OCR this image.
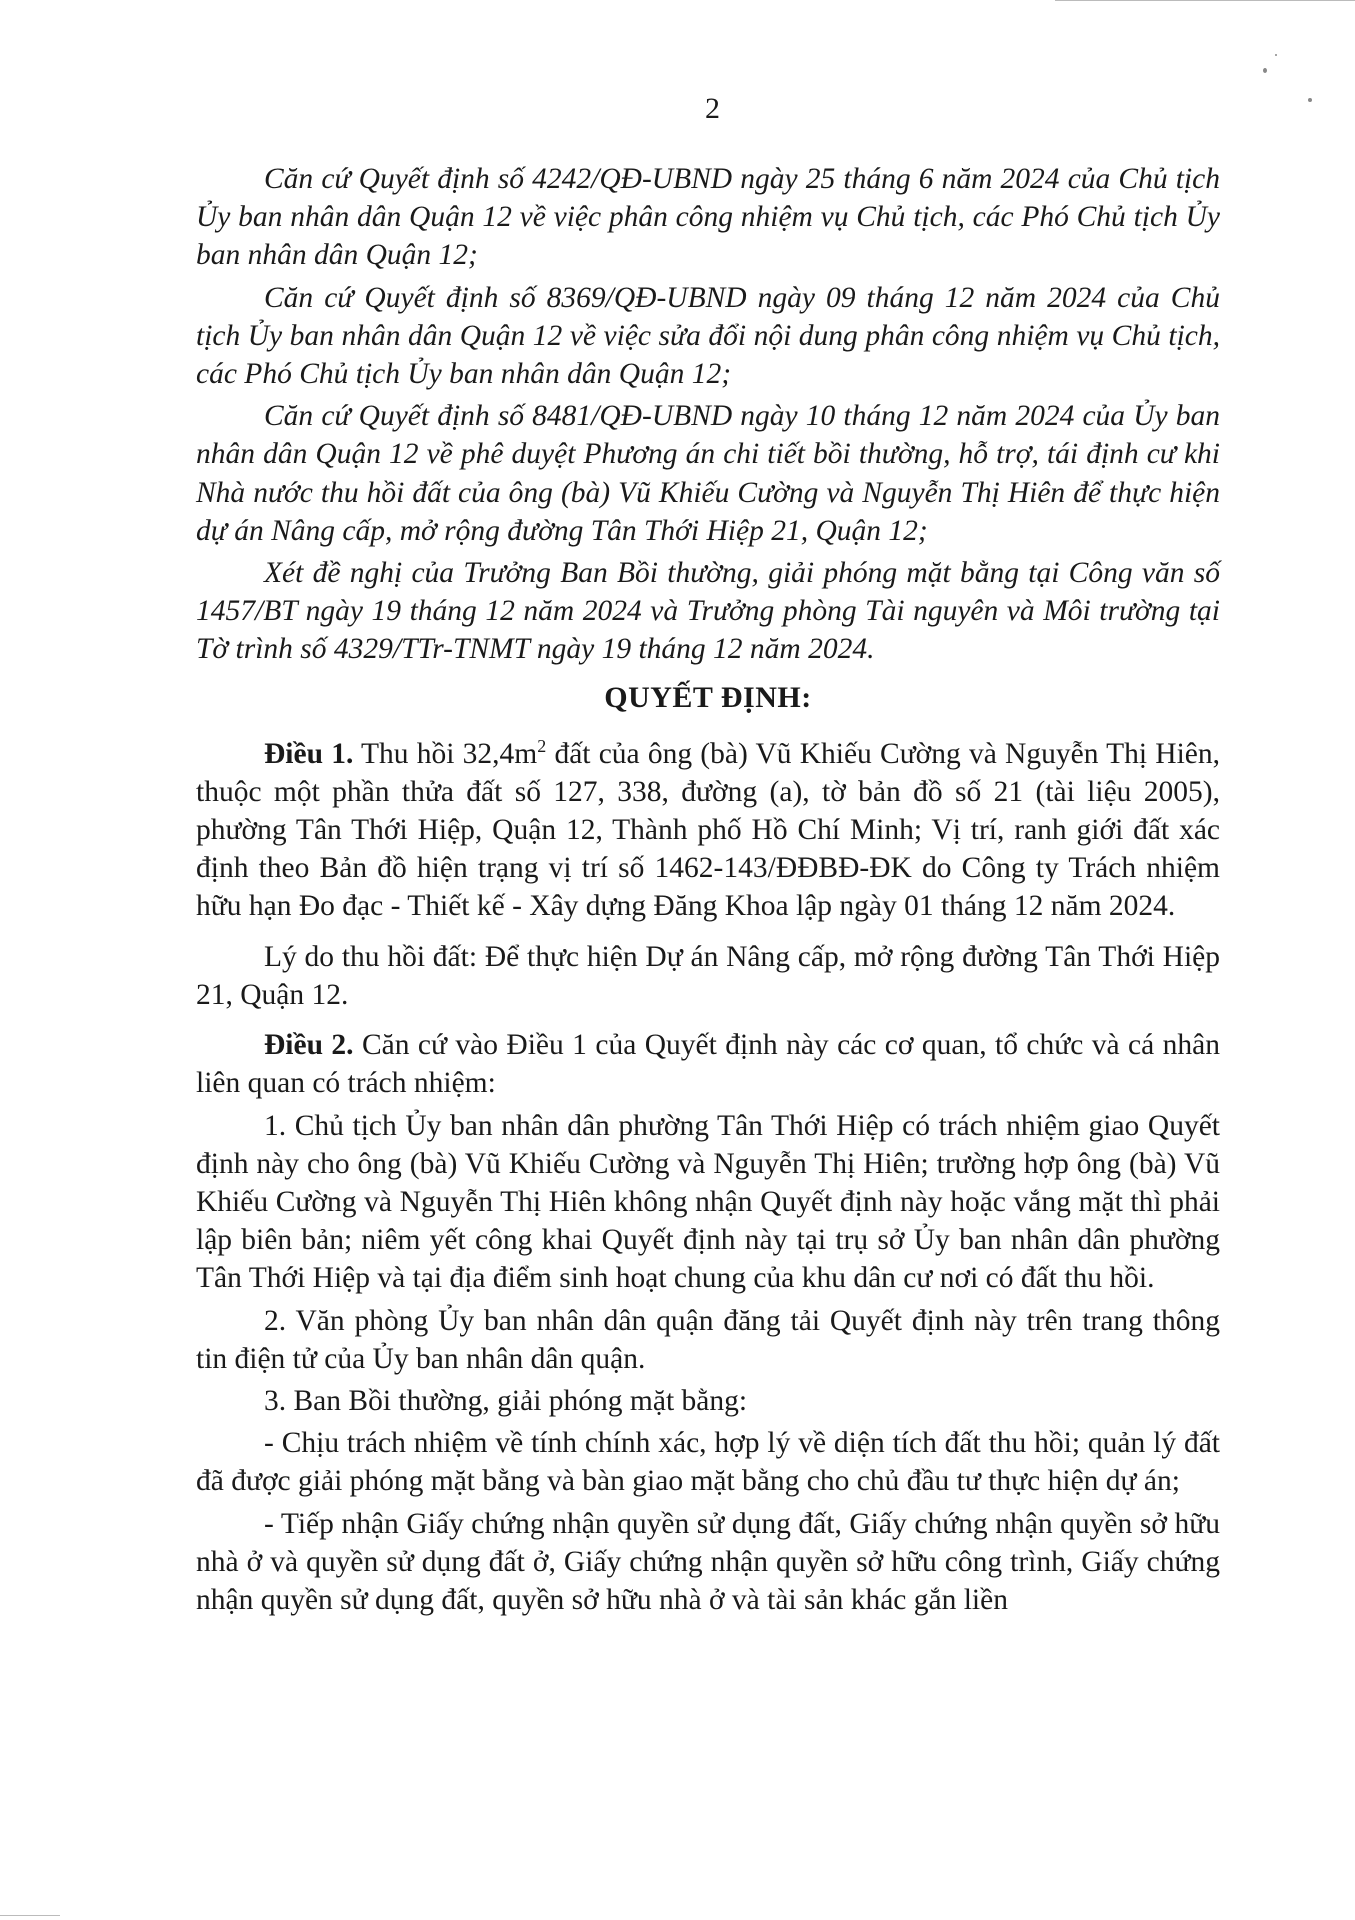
2

Căn cứ Quyết định số 4242/QĐ-UBND ngày 25 tháng 6 năm 2024 của Chủ tịch Ủy ban nhân dân Quận 12 về việc phân công nhiệm vụ Chủ tịch, các Phó Chủ tịch Ủy ban nhân dân Quận 12;

Căn cứ Quyết định số 8369/QĐ-UBND ngày 09 tháng 12 năm 2024 của Chủ tịch Ủy ban nhân dân Quận 12 về việc sửa đổi nội dung phân công nhiệm vụ Chủ tịch, các Phó Chủ tịch Ủy ban nhân dân Quận 12;

Căn cứ Quyết định số 8481/QĐ-UBND ngày 10 tháng 12 năm 2024 của Ủy ban nhân dân Quận 12 về phê duyệt Phương án chi tiết bồi thường, hỗ trợ, tái định cư khi Nhà nước thu hồi đất của ông (bà) Vũ Khiếu Cường và Nguyễn Thị Hiên để thực hiện dự án Nâng cấp, mở rộng đường Tân Thới Hiệp 21, Quận 12;

Xét đề nghị của Trưởng Ban Bồi thường, giải phóng mặt bằng tại Công văn số 1457/BT ngày 19 tháng 12 năm 2024 và Trưởng phòng Tài nguyên và Môi trường tại Tờ trình số 4329/TTr-TNMT ngày 19 tháng 12 năm 2024.

QUYẾT ĐỊNH:

Điều 1. Thu hồi $32,4m^2$ đất của ông (bà) Vũ Khiếu Cường và Nguyễn Thị Hiên, thuộc một phần thửa đất số 127, 338, đường (a), tờ bản đồ số 21 (tài liệu 2005), phường Tân Thới Hiệp, Quận 12, Thành phố Hồ Chí Minh; Vị trí, ranh giới đất xác định theo Bản đồ hiện trạng vị trí số 1462-143/ĐĐBĐ-ĐK do Công ty Trách nhiệm hữu hạn Đo đạc - Thiết kế - Xây dựng Đăng Khoa lập ngày 01 tháng 12 năm 2024.

Lý do thu hồi đất: Để thực hiện Dự án Nâng cấp, mở rộng đường Tân Thới Hiệp 21, Quận 12.

Điều 2. Căn cứ vào Điều 1 của Quyết định này các cơ quan, tổ chức và cá nhân liên quan có trách nhiệm:

1. Chủ tịch Ủy ban nhân dân phường Tân Thới Hiệp có trách nhiệm giao Quyết định này cho ông (bà) Vũ Khiếu Cường và Nguyễn Thị Hiên; trường hợp ông (bà) Vũ Khiếu Cường và Nguyễn Thị Hiên không nhận Quyết định này hoặc vắng mặt thì phải lập biên bản; niêm yết công khai Quyết định này tại trụ sở Ủy ban nhân dân phường Tân Thới Hiệp và tại địa điểm sinh hoạt chung của khu dân cư nơi có đất thu hồi.

2. Văn phòng Ủy ban nhân dân quận đăng tải Quyết định này trên trang thông tin điện tử của Ủy ban nhân dân quận.

3. Ban Bồi thường, giải phóng mặt bằng:

- Chịu trách nhiệm về tính chính xác, hợp lý về diện tích đất thu hồi; quản lý đất đã được giải phóng mặt bằng và bàn giao mặt bằng cho chủ đầu tư thực hiện dự án;

- Tiếp nhận Giấy chứng nhận quyền sử dụng đất, Giấy chứng nhận quyền sở hữu nhà ở và quyền sử dụng đất ở, Giấy chứng nhận quyền sở hữu công trình, Giấy chứng nhận quyền sử dụng đất, quyền sở hữu nhà ở và tài sản khác gắn liền
